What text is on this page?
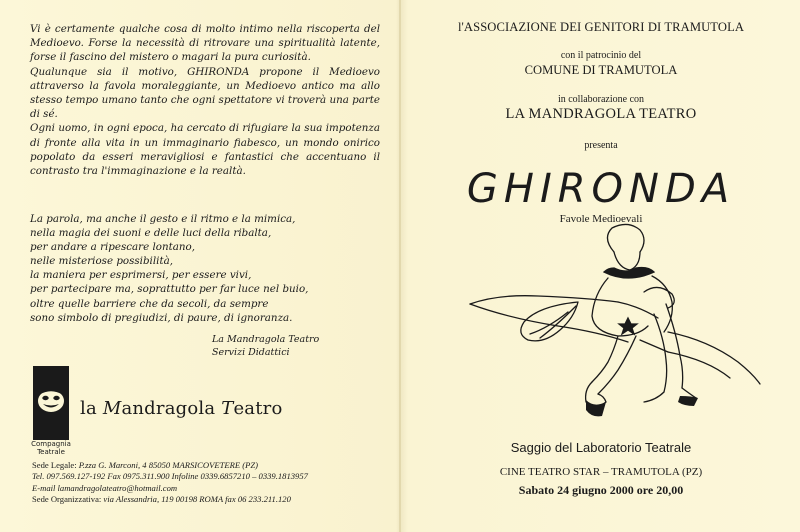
Vi è certamente qualche cosa di molto intimo nella riscoperta del Medioevo. Forse la necessità di ritrovare una spiritualità latente, forse il fascino del mistero o magari la pura curiosità.

Qualunque sia il motivo, GHIRONDA propone il Medioevo attraverso la favola moraleggiante, un Medioevo antico ma allo stesso tempo umano tanto che ogni spettatore vi troverà una parte di sé.

Ogni uomo, in ogni epoca, ha cercato di rifugiare la sua impotenza di fronte alla vita in un immaginario fiabesco, un mondo onirico popolato da esseri meravigliosi e fantastici che accentuano il contrasto tra l'immaginazione e la realtà.

La parola, ma anche il gesto e il ritmo e la mimica,
nella magia dei suoni e delle luci della ribalta,
per andare a ripescare lontano,
nelle misteriose possibilità,
la maniera per esprimersi, per essere vivi,
per partecipare ma, soprattutto per far luce nel buio,
oltre quelle barriere che da secoli, da sempre
sono simbolo di pregiudizi, di paure, di ignoranza.
La Mandragola Teatro
Servizi Didattici
Compagnia
Teatrale
la Mandragola Teatro
Sede Legale: P.zza G. Marconi, 4 85050 MARSICOVETERE (PZ)
Tel. 097.569.127-192 Fax 0975.311.900 Infoline 0339.6857210 – 0339.1813957
E-mail lamandragolateatro@hotmail.com
Sede Organizzativa: via Alessandria, 119 00198 ROMA fax 06 233.211.120
l'ASSOCIAZIONE DEI GENITORI DI TRAMUTOLA
con il patrocinio del
COMUNE DI TRAMUTOLA
in collaborazione con
LA MANDRAGOLA TEATRO
presenta
GHIRONDA
Favole Medioevali
Saggio del Laboratorio Teatrale
CINE TEATRO STAR – TRAMUTOLA (PZ)
Sabato 24 giugno 2000 ore 20,00
